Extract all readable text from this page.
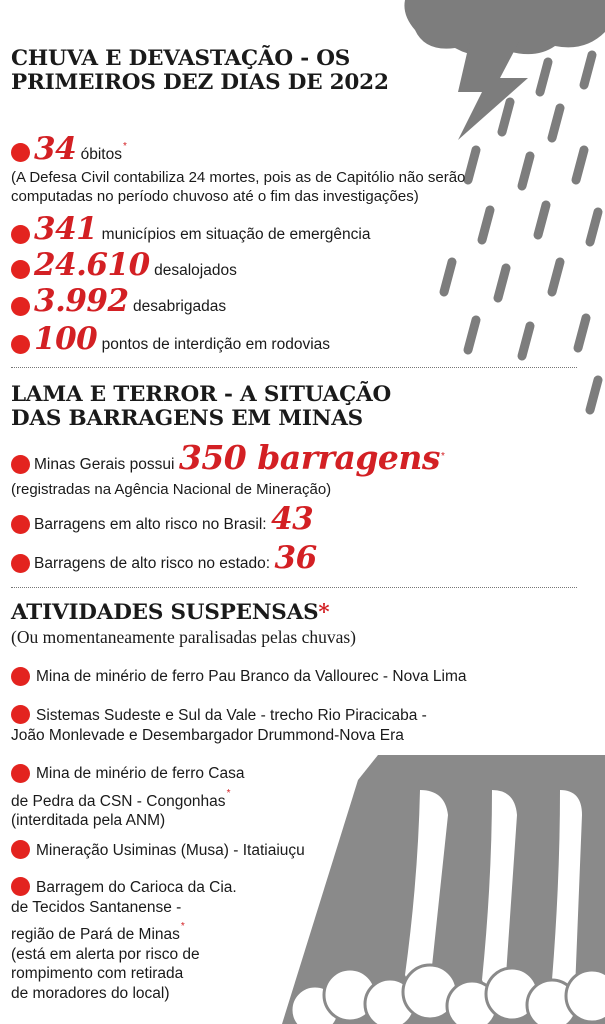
CHUVA E DEVASTAÇÃO - OS
PRIMEIROS DEZ DIAS DE 2022
34 óbitos*
(A Defesa Civil contabiliza 24 mortes, pois as de Capitólio não serão
computadas no período chuvoso até o fim das investigações)
341 municípios em situação de emergência
24.610 desalojados
3.992 desabrigadas
100 pontos de interdição em rodovias
LAMA E TERROR - A SITUAÇÃO
DAS BARRAGENS EM MINAS
Minas Gerais possui 350 barragens*
(registradas na Agência Nacional de Mineração)
Barragens em alto risco no Brasil: 43
Barragens de alto risco no estado: 36
ATIVIDADES SUSPENSAS*
(Ou momentaneamente paralisadas pelas chuvas)
Mina de minério de ferro Pau Branco da Vallourec - Nova Lima
Sistemas Sudeste e Sul da Vale - trecho Rio Piracicaba -
João Monlevade e Desembargador Drummond-Nova Era
Mina de minério de ferro Casa
de Pedra da CSN - Congonhas*
(interditada pela ANM)
Mineração Usiminas (Musa) - Itatiaiuçu
Barragem do Carioca da Cia.
de Tecidos Santanense -
região de Pará de Minas*
(está em alerta por risco de
rompimento com retirada
de moradores do local)
